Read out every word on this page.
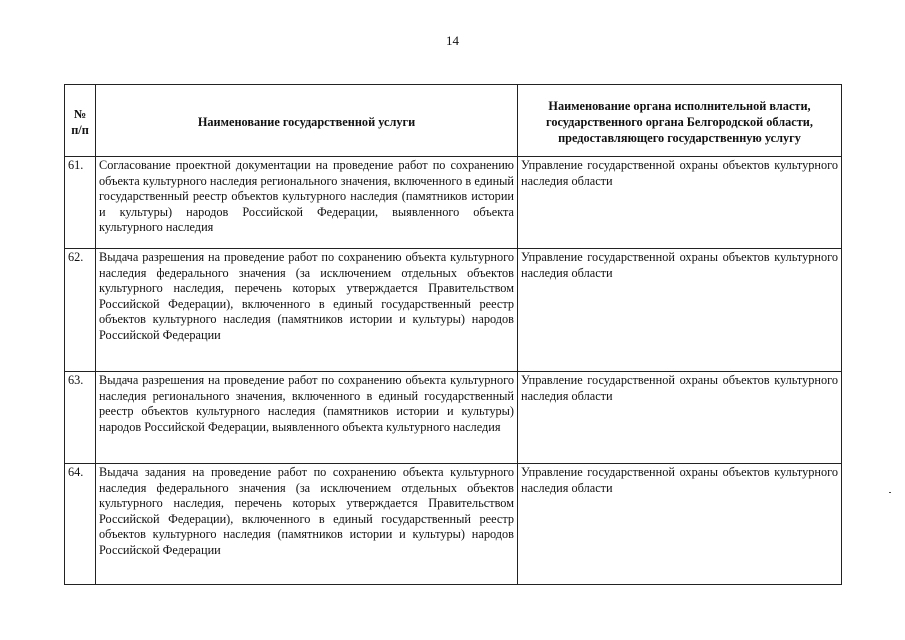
14
№ п/п	Наименование государственной услуги	Наименование органа исполнительной власти, государственного органа Белгородской области, предоставляющего государственную услугу
61.	Согласование проектной документации на проведение работ по сохранению объекта культурного наследия регионального значения, включенного в единый государственный реестр объектов культурного наследия (памятников истории и культуры) народов Российской Федерации, выявленного объекта культурного наследия	Управление государственной охраны объектов культурного наследия области
62.	Выдача разрешения на проведение работ по сохранению объекта культурного наследия федерального значения (за исключением отдельных объектов культурного наследия, перечень которых утверждается Правительством Российской Федерации), включенного в единый государственный реестр объектов культурного наследия (памятников истории и культуры) народов Российской Федерации	Управление государственной охраны объектов культурного наследия области
63.	Выдача разрешения на проведение работ по сохранению объекта культурного наследия регионального значения, включенного в единый государственный реестр объектов культурного наследия (памятников истории и культуры) народов Российской Федерации, выявленного объекта культурного наследия	Управление государственной охраны объектов культурного наследия области
64.	Выдача задания на проведение работ по сохранению объекта культурного наследия федерального значения (за исключением отдельных объектов культурного наследия, перечень которых утверждается Правительством Российской Федерации), включенного в единый государственный реестр объектов культурного наследия (памятников истории и культуры) народов Российской Федерации	Управление государственной охраны объектов культурного наследия области
